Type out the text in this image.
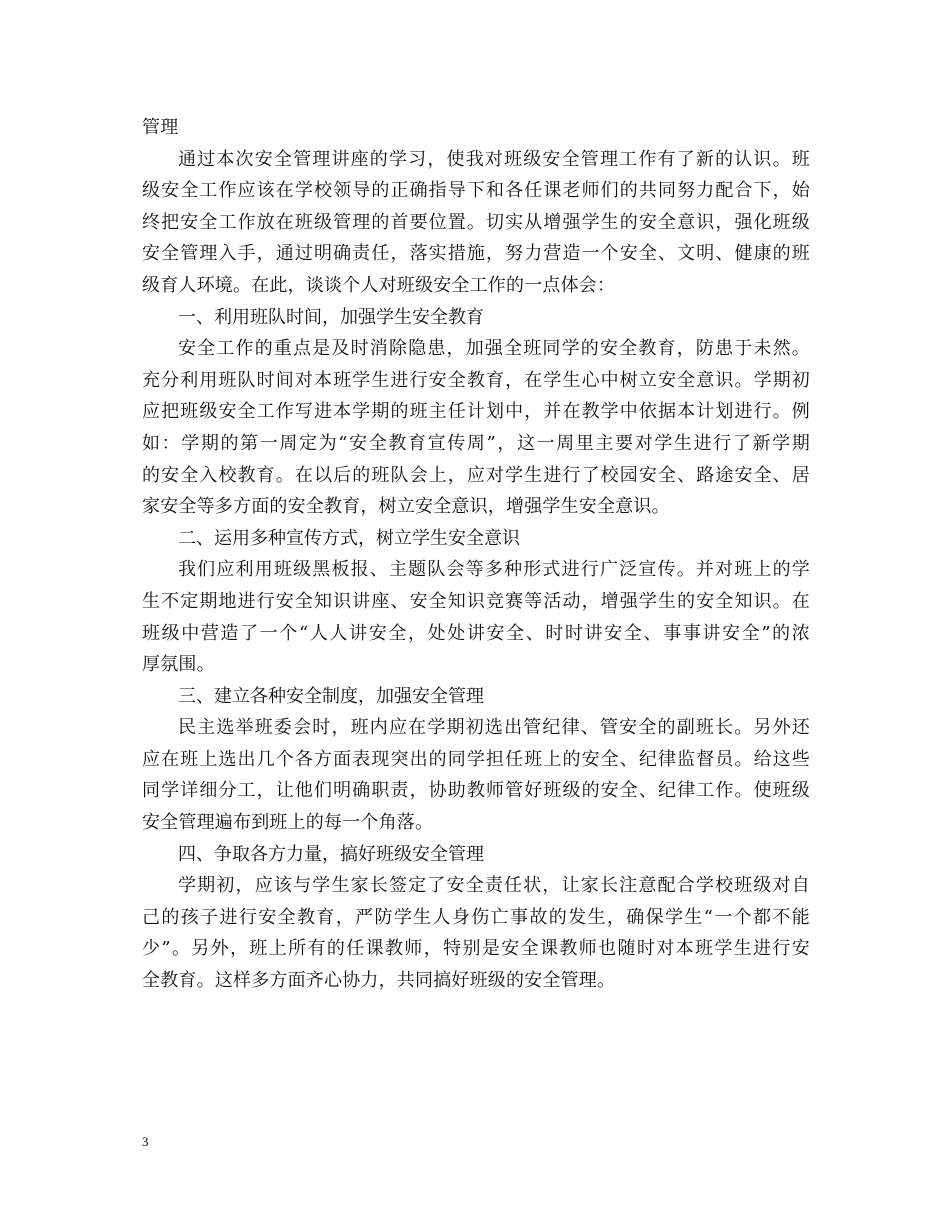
管理
通过本次安全管理讲座的学习，使我对班级安全管理工作有了新的认识。班
级安全工作应该在学校领导的正确指导下和各任课老师们的共同努力配合下，始
终把安全工作放在班级管理的首要位置。切实从增强学生的安全意识，强化班级
安全管理入手，通过明确责任，落实措施，努力营造一个安全、文明、健康的班
级育人环境。在此，谈谈个人对班级安全工作的一点体会：
一、利用班队时间，加强学生安全教育
安全工作的重点是及时消除隐患，加强全班同学的安全教育，防患于未然。
充分利用班队时间对本班学生进行安全教育，在学生心中树立安全意识。学期初
应把班级安全工作写进本学期的班主任计划中，并在教学中依据本计划进行。例
如：学期的第一周定为“安全教育宣传周”，这一周里主要对学生进行了新学期
的安全入校教育。在以后的班队会上，应对学生进行了校园安全、路途安全、居
家安全等多方面的安全教育，树立安全意识，增强学生安全意识。
二、运用多种宣传方式，树立学生安全意识
我们应利用班级黑板报、主题队会等多种形式进行广泛宣传。并对班上的学
生不定期地进行安全知识讲座、安全知识竞赛等活动，增强学生的安全知识。在
班级中营造了一个“人人讲安全，处处讲安全、时时讲安全、事事讲安全”的浓
厚氛围。
三、建立各种安全制度，加强安全管理
民主选举班委会时，班内应在学期初选出管纪律、管安全的副班长。另外还
应在班上选出几个各方面表现突出的同学担任班上的安全、纪律监督员。给这些
同学详细分工，让他们明确职责，协助教师管好班级的安全、纪律工作。使班级
安全管理遍布到班上的每一个角落。
四、争取各方力量，搞好班级安全管理
学期初，应该与学生家长签定了安全责任状，让家长注意配合学校班级对自
己的孩子进行安全教育，严防学生人身伤亡事故的发生，确保学生“一个都不能
少”。另外，班上所有的任课教师，特别是安全课教师也随时对本班学生进行安
全教育。这样多方面齐心协力，共同搞好班级的安全管理。
3
